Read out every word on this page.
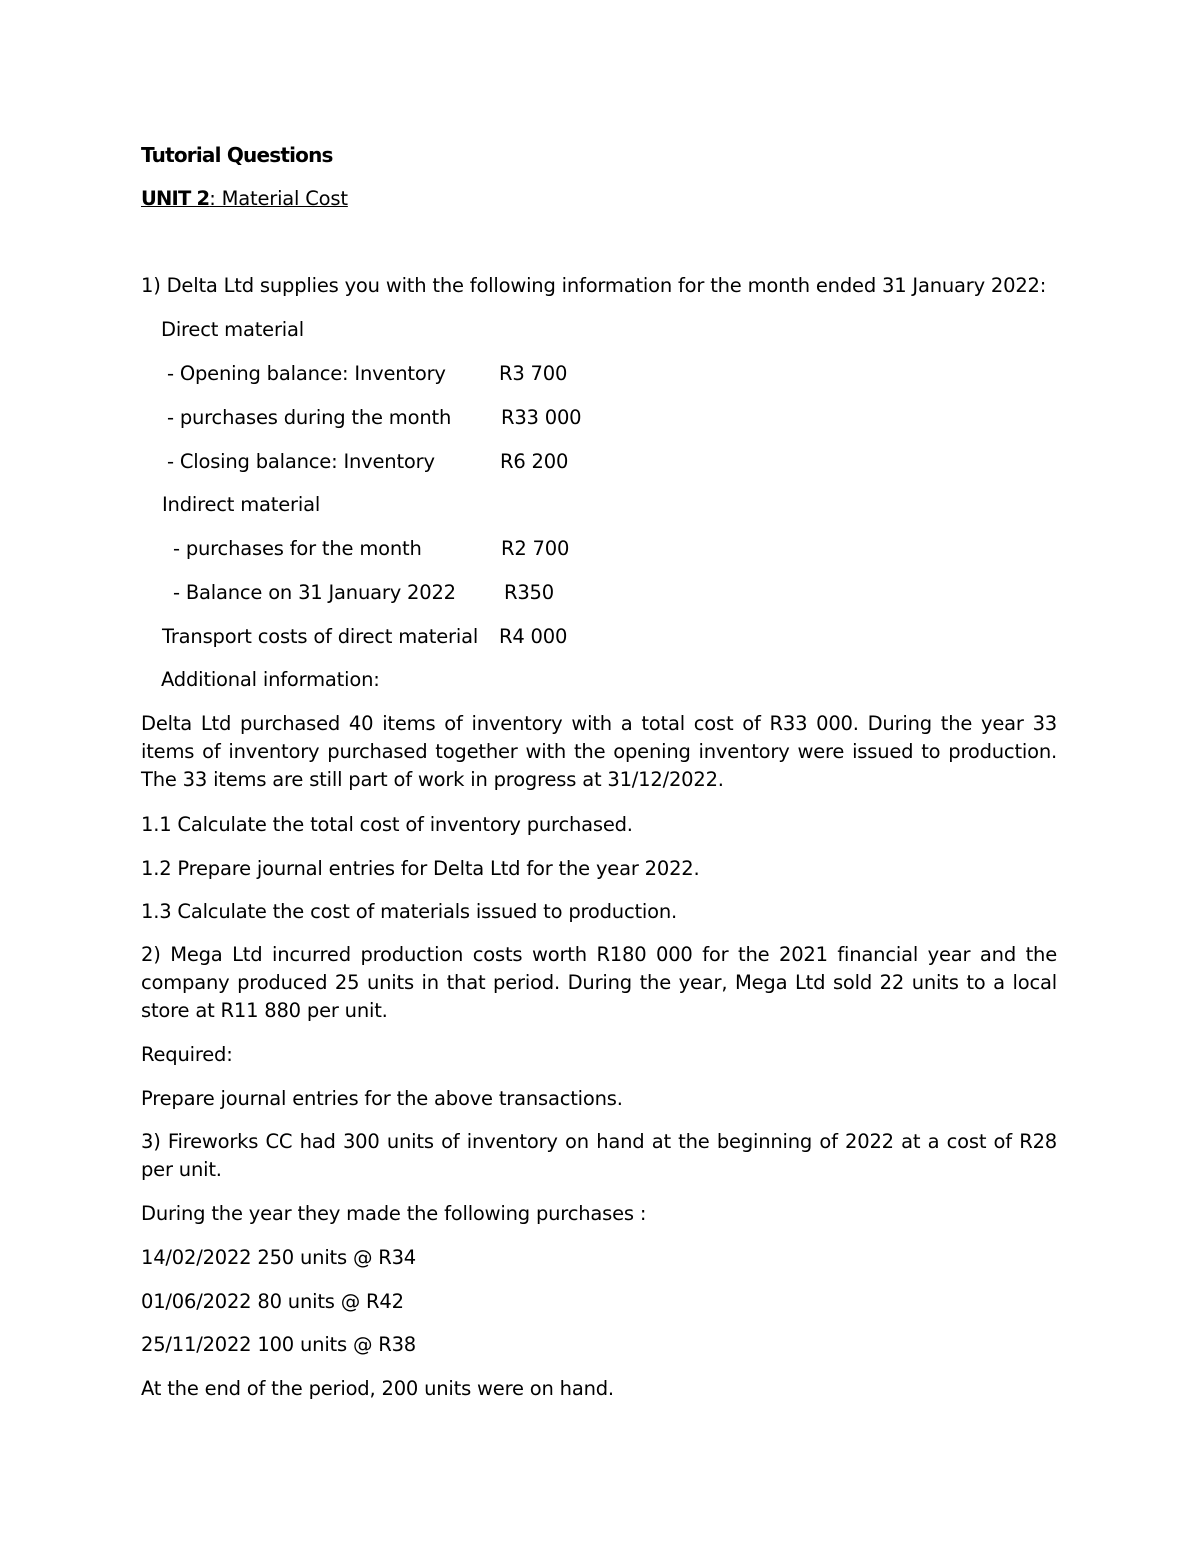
Tutorial Questions
UNIT 2: Material Cost
1) Delta Ltd supplies you with the following information for the month ended 31 January 2022:
Direct material
- Opening balance: Inventory	R3 700
- purchases during the month	R33 000
- Closing balance: Inventory	R6 200
Indirect material
- purchases for the month	R2 700
- Balance on 31 January 2022 R350
Transport costs of direct material R4 000
Additional information:

Delta Ltd purchased 40 items of inventory with a total cost of R33 000. During the year 33
items of inventory purchased together with the opening inventory were issued to production.
The 33 items are still part of work in progress at 31/12/2022.

1.1 Calculate the total cost of inventory purchased.
1.2 Prepare journal entries for Delta Ltd for the year 2022.
1.3 Calculate the cost of materials issued to production.

2) Mega Ltd incurred production costs worth R180 000 for the 2021 financial year and the
company produced 25 units in that period. During the year, Mega Ltd sold 22 units to a local
store at R11 880 per unit.

Required:
Prepare journal entries for the above transactions.

3) Fireworks CC had 300 units of inventory on hand at the beginning of 2022 at a cost of R28
per unit.

During the year they made the following purchases :
14/02/2022 250 units @ R34
01/06/2022 80 units @ R42
25/11/2022 100 units @ R38
At the end of the period, 200 units were on hand.
